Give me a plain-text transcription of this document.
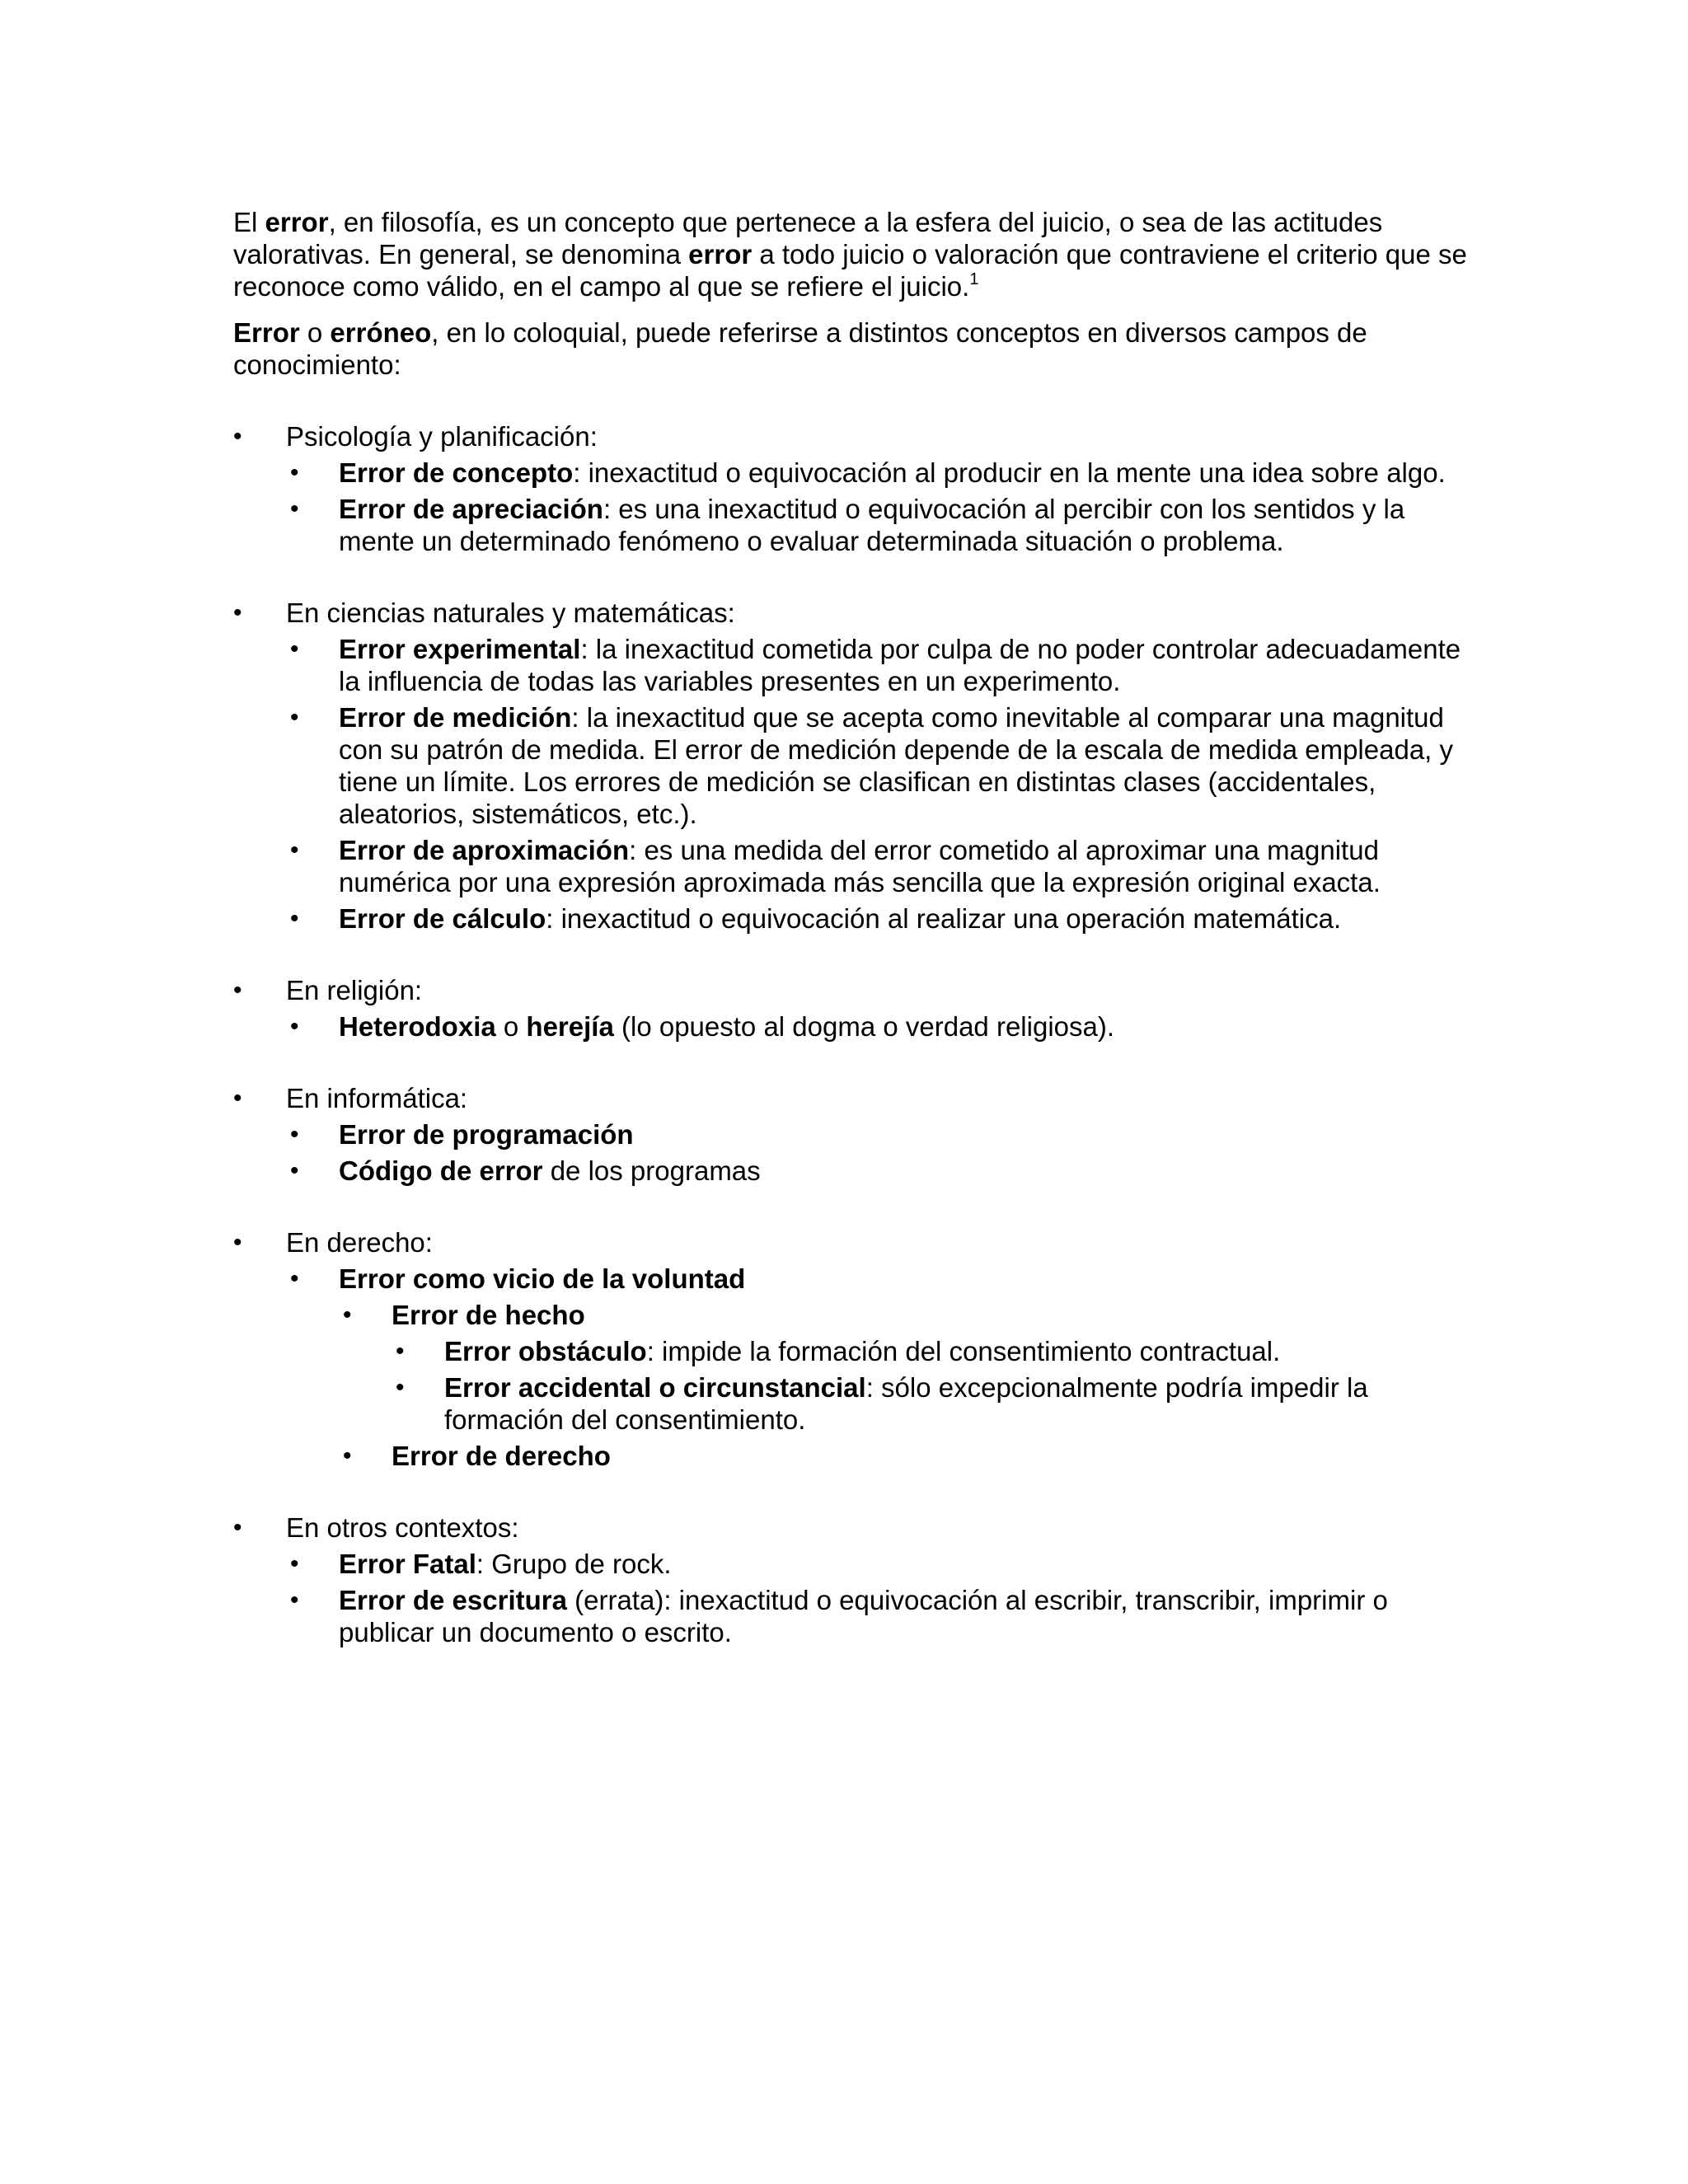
El error, en filosofía, es un concepto que pertenece a la esfera del juicio, o sea de las actitudes valorativas. En general, se denomina error a todo juicio o valoración que contraviene el criterio que se reconoce como válido, en el campo al que se refiere el juicio.$^1$

Error o erróneo, en lo coloquial, puede referirse a distintos conceptos en diversos campos de conocimiento:

• Psicología y planificación:
• Error de concepto: inexactitud o equivocación al producir en la mente una idea sobre algo.
• Error de apreciación: es una inexactitud o equivocación al percibir con los sentidos y la mente un determinado fenómeno o evaluar determinada situación o problema.
• En ciencias naturales y matemáticas:
• Error experimental: la inexactitud cometida por culpa de no poder controlar adecuadamente la influencia de todas las variables presentes en un experimento.
• Error de medición: la inexactitud que se acepta como inevitable al comparar una magnitud con su patrón de medida. El error de medición depende de la escala de medida empleada, y tiene un límite. Los errores de medición se clasifican en distintas clases (accidentales, aleatorios, sistemáticos, etc.).
• Error de aproximación: es una medida del error cometido al aproximar una magnitud numérica por una expresión aproximada más sencilla que la expresión original exacta.
• Error de cálculo: inexactitud o equivocación al realizar una operación matemática.
• En religión:
• Heterodoxia o herejía (lo opuesto al dogma o verdad religiosa).
• En informática:
• Error de programación
• Código de error de los programas
• En derecho:
• Error como vicio de la voluntad
• Error de hecho
• Error obstáculo: impide la formación del consentimiento contractual.
• Error accidental o circunstancial: sólo excepcionalmente podría impedir la formación del consentimiento.
• Error de derecho
• En otros contextos:
• Error Fatal: Grupo de rock.
• Error de escritura (errata): inexactitud o equivocación al escribir, transcribir, imprimir o publicar un documento o escrito.
